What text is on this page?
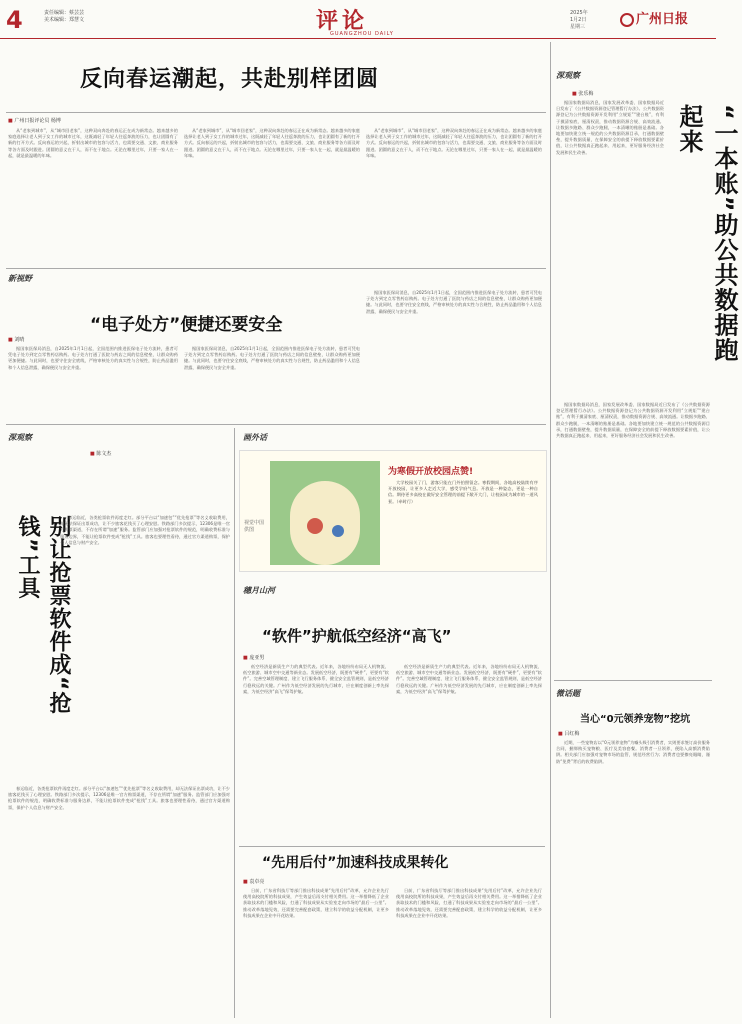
4	责任编辑：蔡芸芸
美术编辑：郑慧文	评论
GUANGZHOU DAILY
2025年
1月2日
星期三	广州日报
反向春运潮起，共赴别样团圆
■ 广州日报评论员 杨博

从“老家到城市”，从“城市回老家”，这种双向奔赴的春运正在成为新常态。越来越多的家庭选择让老人到子女工作的城市过年，这既减轻了年轻人往返奔波的压力，也让团圆有了新的打开方式。反向春运的兴起，折射出城市的包容与活力，也需要交通、文旅、商业服务等各方面及时跟进。团圆的意义在于人，而不在于地点。无论在哪里过年，只要一家人在一起，就是最温暖的年味。

从“老家到城市”，从“城市回老家”，这种双向奔赴的春运正在成为新常态。越来越多的家庭选择让老人到子女工作的城市过年，这既减轻了年轻人往返奔波的压力，也让团圆有了新的打开方式。反向春运的兴起，折射出城市的包容与活力，也需要交通、文旅、商业服务等各方面及时跟进。团圆的意义在于人，而不在于地点。无论在哪里过年，只要一家人在一起，就是最温暖的年味。

从“老家到城市”，从“城市回老家”，这种双向奔赴的春运正在成为新常态。越来越多的家庭选择让老人到子女工作的城市过年，这既减轻了年轻人往返奔波的压力，也让团圆有了新的打开方式。反向春运的兴起，折射出城市的包容与活力，也需要交通、文旅、商业服务等各方面及时跟进。团圆的意义在于人，而不在于地点。无论在哪里过年，只要一家人在一起，就是最温暖的年味。

新视野
“电子处方”便捷还要安全
■ 刘晴

据国家医保局消息，自2025年1月1日起，全国范围内推进医保电子处方流转，患者可凭电子处方到定点零售药店购药。电子处方打通了医院与药店之间的信息壁垒，让群众购药更加便捷。与此同时，也要守住安全底线，严格审核处方的真实性与合规性，防止药品滥用和个人信息泄露，确保便民与安全并重。

据国家医保局消息，自2025年1月1日起，全国范围内推进医保电子处方流转，患者可凭电子处方到定点零售药店购药。电子处方打通了医院与药店之间的信息壁垒，让群众购药更加便捷。与此同时，也要守住安全底线，严格审核处方的真实性与合规性，防止药品滥用和个人信息泄露，确保便民与安全并重。

据国家医保局消息，自2025年1月1日起，全国范围内推进医保电子处方流转，患者可凭电子处方到定点零售药店购药。电子处方打通了医院与药店之间的信息壁垒，让群众购药更加便捷。与此同时，也要守住安全底线，严格审核处方的真实性与合规性，防止药品滥用和个人信息泄露，确保便民与安全并重。

深观察
■ 陈文杰
别让抢票软件成“抢钱”工具	春运临近，各类抢票软件再度走红。部分平台以“加速包”“优先抢票”等名义收取费用，却无法保证出票成功，让不少旅客花钱买了心理安慰。铁路部门多次提示，12306是唯一官方购票渠道，不存在所谓“加速”服务。监管部门应加强对抢票软件的规范，明确收费标准与服务边界，不能让抢票软件变成“抢钱”工具。旅客也要理性看待，通过官方渠道购票，保护个人信息与财产安全。

春运临近，各类抢票软件再度走红。部分平台以“加速包”“优先抢票”等名义收取费用，却无法保证出票成功，让不少旅客花钱买了心理安慰。铁路部门多次提示，12306是唯一官方购票渠道，不存在所谓“加速”服务。监管部门应加强对抢票软件的规范，明确收费标准与服务边界，不能让抢票软件变成“抢钱”工具。旅客也要理性看待，通过官方渠道购票，保护个人信息与财产安全。

画外话
为寒假开放校园点赞!

大学校园关了门，游客只能在门外拍照留念。寒假期间，各地高校陆续有序开放校园，让更多人走近大学，感受学府气息。开放是一种姿态，更是一种自信。期待更多高校在做好安全管理的前提下敞开大门，让校园成为城市的一道风景。（牵时行）

视觉中国
供图
穗月山河
“软件”护航低空经济“高飞”
■ 庞亚男

低空经济是新质生产力的典型代表。近年来，各地纷纷布局无人机物流、低空旅游、城市空中交通等新业态。发展低空经济，既要有“硬件”，更要有“软件”。完善空域管理制度、建立飞行服务体系、健全安全监管规则，是低空经济行稳致远的关键。广州作为低空经济发展的先行城市，应在制度创新上率先探索，为低空经济“高飞”保驾护航。

低空经济是新质生产力的典型代表。近年来，各地纷纷布局无人机物流、低空旅游、城市空中交通等新业态。发展低空经济，既要有“硬件”，更要有“软件”。完善空域管理制度、建立飞行服务体系、健全安全监管规则，是低空经济行稳致远的关键。广州作为低空经济发展的先行城市，应在制度创新上率先探索，为低空经济“高飞”保驾护航。

“先用后付”加速科技成果转化
■ 袁卓亮

日前，广东省科技厅等部门推出科技成果“先用后付”改革，允许企业先行使用高校院所的科技成果，产生效益后再支付相关费用。这一举措降低了企业获取技术的门槛和风险，打通了科技成果从实验室走向市场的“最后一公里”。推动改革落地见效，还需要完善配套政策，建立科学的收益分配机制，让更多科技成果在企业中开花结果。

日前，广东省科技厅等部门推出科技成果“先用后付”改革，允许企业先行使用高校院所的科技成果，产生效益后再支付相关费用。这一举措降低了企业获取技术的门槛和风险，打通了科技成果从实验室走向市场的“最后一公里”。推动改革落地见效，还需要完善配套政策，建立科学的收益分配机制，让更多科技成果在企业中开花结果。

深观察
■ 张乐梅
“一本账”助公共数据跑起来

据国家数据局消息，国家发展改革委、国家数据局近日发布了《公共数据资源登记管理暂行办法》。公共数据资源登记为公共数据资源开发利用“立规矩”“建台账”，有利于摸清家底、厘清权责，推动数据资源合规、高效流通。让数据多跑路、群众少跑腿，一本清晰的账册是基础。各地要加快建立统一规范的公共数据资源目录，打通数据壁垒，提升数据质量，在保障安全的前提下释放数据要素价值，让公共数据真正跑起来、用起来，更好服务经济社会发展和民生改善。

据国家数据局消息，国家发展改革委、国家数据局近日发布了《公共数据资源登记管理暂行办法》。公共数据资源登记为公共数据资源开发利用“立规矩”“建台账”，有利于摸清家底、厘清权责，推动数据资源合规、高效流通。让数据多跑路、群众少跑腿，一本清晰的账册是基础。各地要加快建立统一规范的公共数据资源目录，打通数据壁垒，提升数据质量，在保障安全的前提下释放数据要素价值，让公共数据真正跑起来、用起来，更好服务经济社会发展和民生改善。

微话题
当心“0元领养宠物”挖坑
■ 吕红梅

近期，一些宠物店以“0元领养宠物”为噱头吸引消费者，实则要求签订高价服务合同，捆绑购买宠物粮、医疗及美容套餐。消费者一旦领养，便陷入高额消费陷阱。相关部门应加强对宠物市场的监管，规范经营行为；消费者也要擦亮眼睛，谨防“免费”背后的收费陷阱。
